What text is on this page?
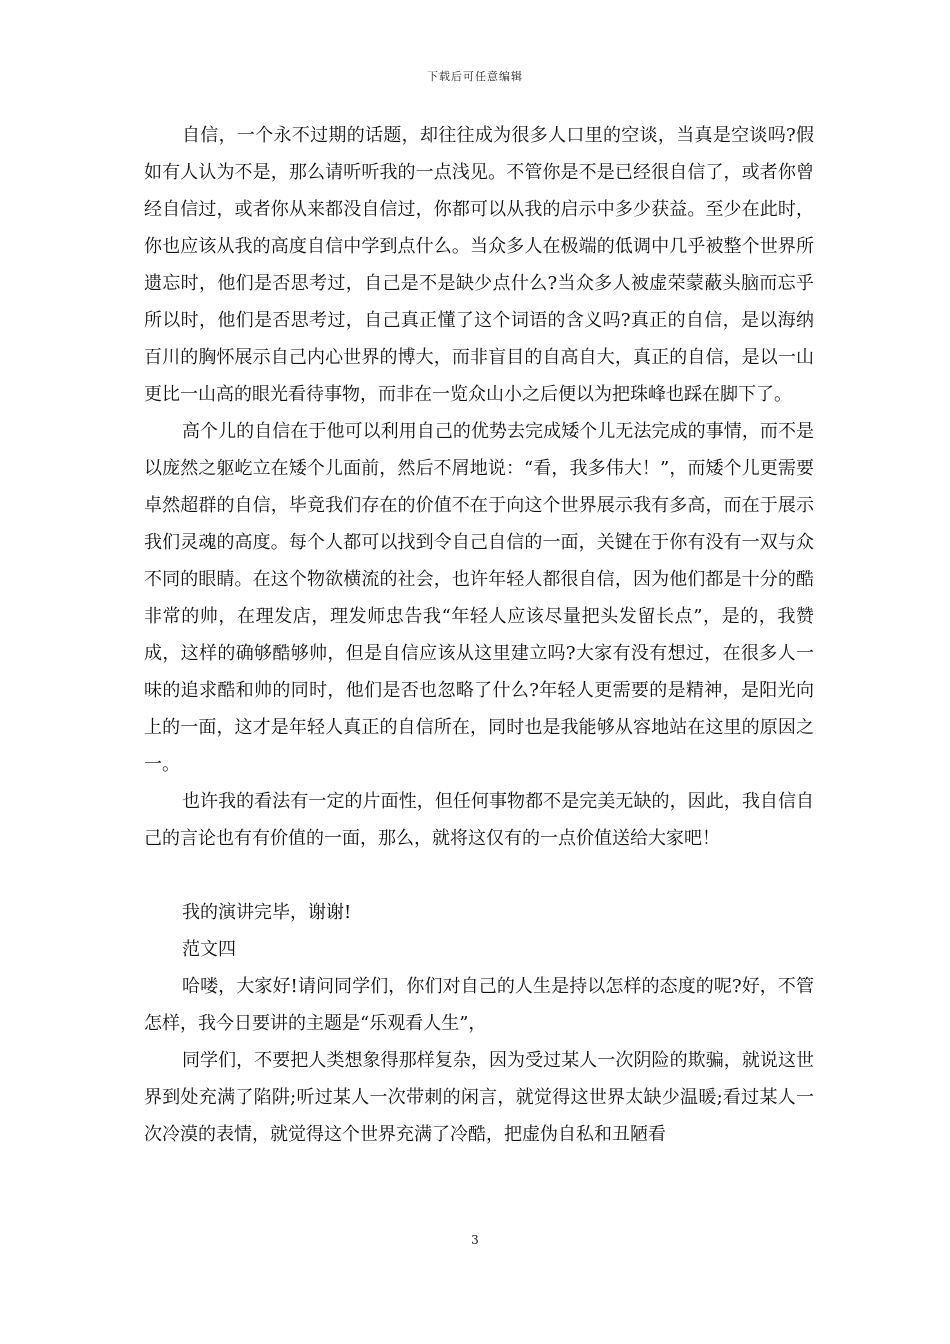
下载后可任意编辑

自信，一个永不过期的话题，却往往成为很多人口里的空谈，当真是空谈吗?假如有人认为不是，那么请听听我的一点浅见。不管你是不是已经很自信了，或者你曾经自信过，或者你从来都没自信过，你都可以从我的启示中多少获益。至少在此时，你也应该从我的高度自信中学到点什么。当众多人在极端的低调中几乎被整个世界所遗忘时，他们是否思考过，自己是不是缺少点什么?当众多人被虚荣蒙蔽头脑而忘乎所以时，他们是否思考过，自己真正懂了这个词语的含义吗?真正的自信，是以海纳百川的胸怀展示自己内心世界的博大，而非盲目的自高自大，真正的自信，是以一山更比一山高的眼光看待事物，而非在一览众山小之后便以为把珠峰也踩在脚下了。

高个儿的自信在于他可以利用自己的优势去完成矮个儿无法完成的事情，而不是以庞然之躯屹立在矮个儿面前，然后不屑地说：“看，我多伟大！”，而矮个儿更需要卓然超群的自信，毕竟我们存在的价值不在于向这个世界展示我有多高，而在于展示我们灵魂的高度。每个人都可以找到令自己自信的一面，关键在于你有没有一双与众不同的眼睛。在这个物欲横流的社会，也许年轻人都很自信，因为他们都是十分的酷非常的帅，在理发店，理发师忠告我“年轻人应该尽量把头发留长点”，是的，我赞成，这样的确够酷够帅，但是自信应该从这里建立吗?大家有没有想过，在很多人一味的追求酷和帅的同时，他们是否也忽略了什么?年轻人更需要的是精神，是阳光向上的一面，这才是年轻人真正的自信所在，同时也是我能够从容地站在这里的原因之一。

也许我的看法有一定的片面性，但任何事物都不是完美无缺的，因此，我自信自己的言论也有有价值的一面，那么，就将这仅有的一点价值送给大家吧！

我的演讲完毕，谢谢!

范文四

哈喽，大家好!请问同学们，你们对自己的人生是持以怎样的态度的呢?好，不管怎样，我今日要讲的主题是“乐观看人生”，

同学们，不要把人类想象得那样复杂，因为受过某人一次阴险的欺骗，就说这世界到处充满了陷阱;听过某人一次带刺的闲言，就觉得这世界太缺少温暖;看过某人一次冷漠的表情，就觉得这个世界充满了冷酷，把虚伪自私和丑陋看

3
